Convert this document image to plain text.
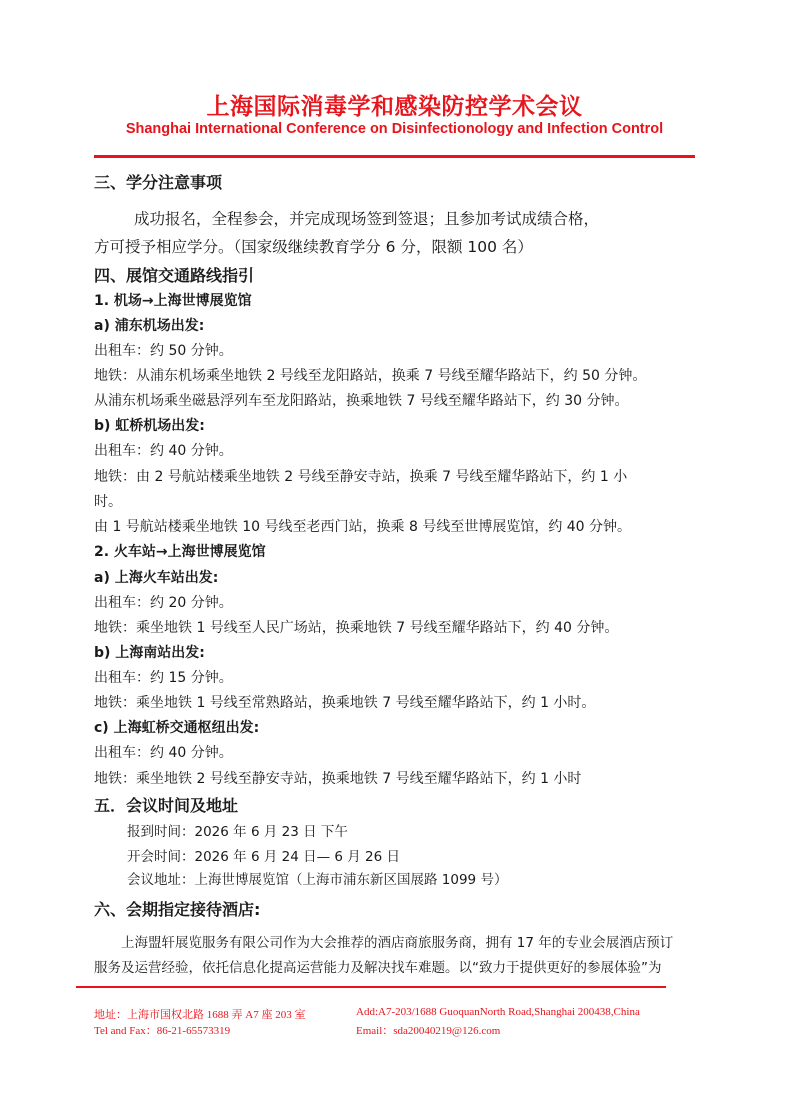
上海国际消毒学和感染防控学术会议
Shanghai International Conference on Disinfectionology and Infection Control
三、学分注意事项
成功报名，全程参会，并完成现场签到签退；且参加考试成绩合格，
方可授予相应学分。（国家级继续教育学分 6 分，限额 100 名）
四、展馆交通路线指引
1. 机场→上海世博展览馆
a) 浦东机场出发:
出租车：约 50 分钟。
地铁：从浦东机场乘坐地铁 2 号线至龙阳路站，换乘 7 号线至耀华路站下，约 50 分钟。
从浦东机场乘坐磁悬浮列车至龙阳路站，换乘地铁 7 号线至耀华路站下，约 30 分钟。
b) 虹桥机场出发:
出租车：约 40 分钟。
地铁：由 2 号航站楼乘坐地铁 2 号线至静安寺站，换乘 7 号线至耀华路站下，约 1 小
时。
由 1 号航站楼乘坐地铁 10 号线至老西门站，换乘 8 号线至世博展览馆，约 40 分钟。
2. 火车站→上海世博展览馆
a) 上海火车站出发:
出租车：约 20 分钟。
地铁：乘坐地铁 1 号线至人民广场站，换乘地铁 7 号线至耀华路站下，约 40 分钟。
b) 上海南站出发:
出租车：约 15 分钟。
地铁：乘坐地铁 1 号线至常熟路站，换乘地铁 7 号线至耀华路站下，约 1 小时。
c) 上海虹桥交通枢纽出发:
出租车：约 40 分钟。
地铁：乘坐地铁 2 号线至静安寺站，换乘地铁 7 号线至耀华路站下，约 1 小时
五．会议时间及地址
报到时间：2026 年 6 月 23 日 下午
开会时间：2026 年 6 月 24 日— 6 月 26 日
会议地址：上海世博展览馆（上海市浦东新区国展路 1099 号）
六、会期指定接待酒店:
上海盟轩展览服务有限公司作为大会推荐的酒店商旅服务商，拥有 17 年的专业会展酒店预订
服务及运营经验，依托信息化提高运营能力及解决找车难题。以“致力于提供更好的参展体验”为
地址：上海市国权北路 1688 弄 A7 座 203 室	Add:A7-203/1688 GuoquanNorth Road,Shanghai 200438,China
Tel and Fax：86-21-65573319	Email：sda20040219@126.com
